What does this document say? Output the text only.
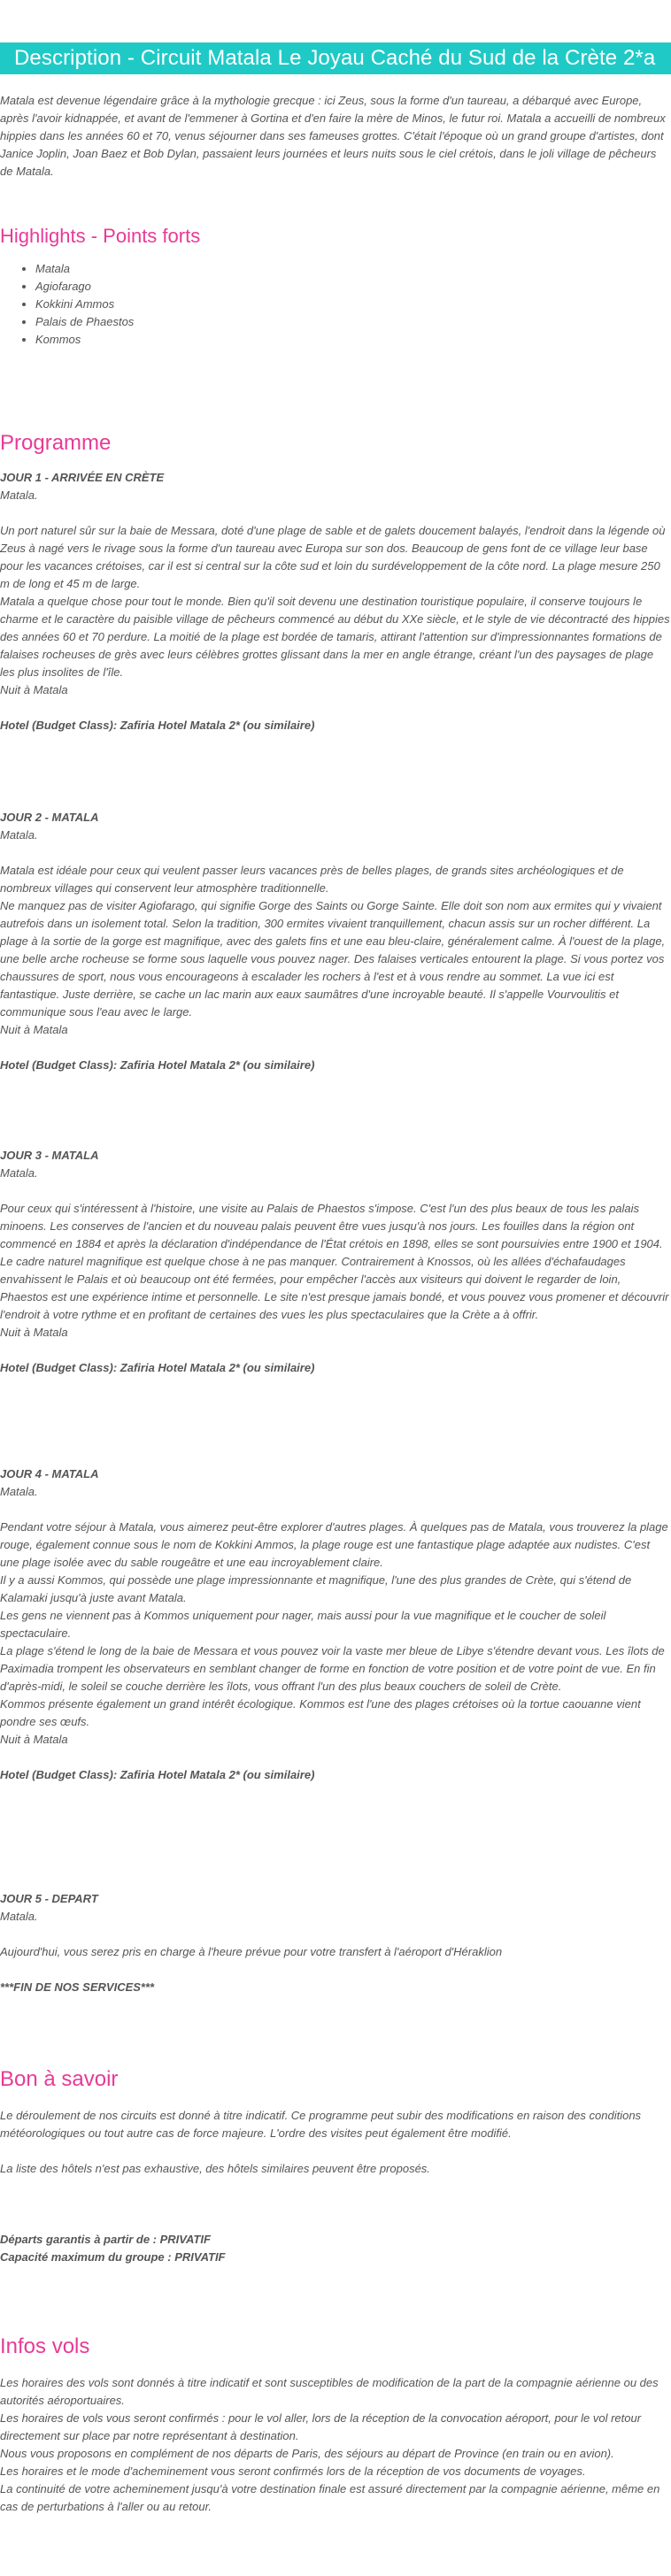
Description - Circuit Matala Le Joyau Caché du Sud de la Crète 2*a

Matala est devenue légendaire grâce à la mythologie grecque : ici Zeus, sous la forme d'un taureau, a débarqué avec Europe, après l'avoir kidnappée, et avant de l'emmener à Gortina et d'en faire la mère de Minos, le futur roi. Matala a accueilli de nombreux hippies dans les années 60 et 70, venus séjourner dans ses fameuses grottes. C'était l'époque où un grand groupe d'artistes, dont Janice Joplin, Joan Baez et Bob Dylan, passaient leurs journées et leurs nuits sous le ciel crétois, dans le joli village de pêcheurs de Matala.

Highlights - Points forts
• Matala
• Agiofarago
• Kokkini Ammos
• Palais de Phaestos
• Kommos
Programme

JOUR 1 - ARRIVÉE EN CRÈTE

Matala.

Un port naturel sûr sur la baie de Messara, doté d'une plage de sable et de galets doucement balayés, l'endroit dans la légende où Zeus à nagé vers le rivage sous la forme d'un taureau avec Europa sur son dos. Beaucoup de gens font de ce village leur base pour les vacances crétoises, car il est si central sur la côte sud et loin du surdéveloppement de la côte nord. La plage mesure 250 m de long et 45 m de large.

Matala a quelque chose pour tout le monde. Bien qu'il soit devenu une destination touristique populaire, il conserve toujours le charme et le caractère du paisible village de pêcheurs commencé au début du XXe siècle, et le style de vie décontracté des hippies des années 60 et 70 perdure. La moitié de la plage est bordée de tamaris, attirant l'attention sur d'impressionnantes formations de falaises rocheuses de grès avec leurs célèbres grottes glissant dans la mer en angle étrange, créant l'un des paysages de plage les plus insolites de l'île.

Nuit à Matala

Hotel (Budget Class): Zafiria Hotel Matala 2* (ou similaire)

JOUR 2 - MATALA

Matala.

Matala est idéale pour ceux qui veulent passer leurs vacances près de belles plages, de grands sites archéologiques et de nombreux villages qui conservent leur atmosphère traditionnelle.

Ne manquez pas de visiter Agiofarago, qui signifie Gorge des Saints ou Gorge Sainte. Elle doit son nom aux ermites qui y vivaient autrefois dans un isolement total. Selon la tradition, 300 ermites vivaient tranquillement, chacun assis sur un rocher différent. La plage à la sortie de la gorge est magnifique, avec des galets fins et une eau bleu-claire, généralement calme. À l'ouest de la plage, une belle arche rocheuse se forme sous laquelle vous pouvez nager. Des falaises verticales entourent la plage. Si vous portez vos chaussures de sport, nous vous encourageons à escalader les rochers à l'est et à vous rendre au sommet. La vue ici est fantastique. Juste derrière, se cache un lac marin aux eaux saumâtres d'une incroyable beauté. Il s'appelle Vourvoulitis et communique sous l'eau avec le large.

Nuit à Matala

Hotel (Budget Class): Zafiria Hotel Matala 2* (ou similaire)

JOUR 3 - MATALA

Matala.

Pour ceux qui s'intéressent à l'histoire, une visite au Palais de Phaestos s'impose. C'est l'un des plus beaux de tous les palais minoens. Les conserves de l'ancien et du nouveau palais peuvent être vues jusqu'à nos jours. Les fouilles dans la région ont commencé en 1884 et après la déclaration d'indépendance de l'État crétois en 1898, elles se sont poursuivies entre 1900 et 1904. Le cadre naturel magnifique est quelque chose à ne pas manquer. Contrairement à Knossos, où les allées d'échafaudages envahissent le Palais et où beaucoup ont été fermées, pour empêcher l'accès aux visiteurs qui doivent le regarder de loin, Phaestos est une expérience intime et personnelle. Le site n'est presque jamais bondé, et vous pouvez vous promener et découvrir l'endroit à votre rythme et en profitant de certaines des vues les plus spectaculaires que la Crète a à offrir.

Nuit à Matala

Hotel (Budget Class): Zafiria Hotel Matala 2* (ou similaire)

JOUR 4 - MATALA

Matala.

Pendant votre séjour à Matala, vous aimerez peut-être explorer d'autres plages. À quelques pas de Matala, vous trouverez la plage rouge, également connue sous le nom de Kokkini Ammos, la plage rouge est une fantastique plage adaptée aux nudistes. C'est une plage isolée avec du sable rougeâtre et une eau incroyablement claire.

Il y a aussi Kommos, qui possède une plage impressionnante et magnifique, l'une des plus grandes de Crète, qui s'étend de Kalamaki jusqu'à juste avant Matala.

Les gens ne viennent pas à Kommos uniquement pour nager, mais aussi pour la vue magnifique et le coucher de soleil spectaculaire.

La plage s'étend le long de la baie de Messara et vous pouvez voir la vaste mer bleue de Libye s'étendre devant vous. Les îlots de Paximadia trompent les observateurs en semblant changer de forme en fonction de votre position et de votre point de vue. En fin d'après-midi, le soleil se couche derrière les îlots, vous offrant l'un des plus beaux couchers de soleil de Crète.

Kommos présente également un grand intérêt écologique. Kommos est l'une des plages crétoises où la tortue caouanne vient pondre ses œufs.

Nuit à Matala

Hotel (Budget Class): Zafiria Hotel Matala 2* (ou similaire)

JOUR 5 - DEPART

Matala.

Aujourd'hui, vous serez pris en charge à l'heure prévue pour votre transfert à l'aéroport d'Héraklion

***FIN DE NOS SERVICES***

Bon à savoir

Le déroulement de nos circuits est donné à titre indicatif. Ce programme peut subir des modifications en raison des conditions météorologiques ou tout autre cas de force majeure. L'ordre des visites peut également être modifié.

La liste des hôtels n'est pas exhaustive, des hôtels similaires peuvent être proposés.

Départs garantis à partir de : PRIVATIF

Capacité maximum du groupe : PRIVATIF

Infos vols

Les horaires des vols sont donnés à titre indicatif et sont susceptibles de modification de la part de la compagnie aérienne ou des autorités aéroportuaires.

Les horaires de vols vous seront confirmés : pour le vol aller, lors de la réception de la convocation aéroport, pour le vol retour directement sur place par notre représentant à destination.

Nous vous proposons en complément de nos départs de Paris, des séjours au départ de Province (en train ou en avion).

Les horaires et le mode d'acheminement vous seront confirmés lors de la réception de vos documents de voyages.

La continuité de votre acheminement jusqu'à votre destination finale est assuré directement par la compagnie aérienne, même en cas de perturbations à l'aller ou au retour.
